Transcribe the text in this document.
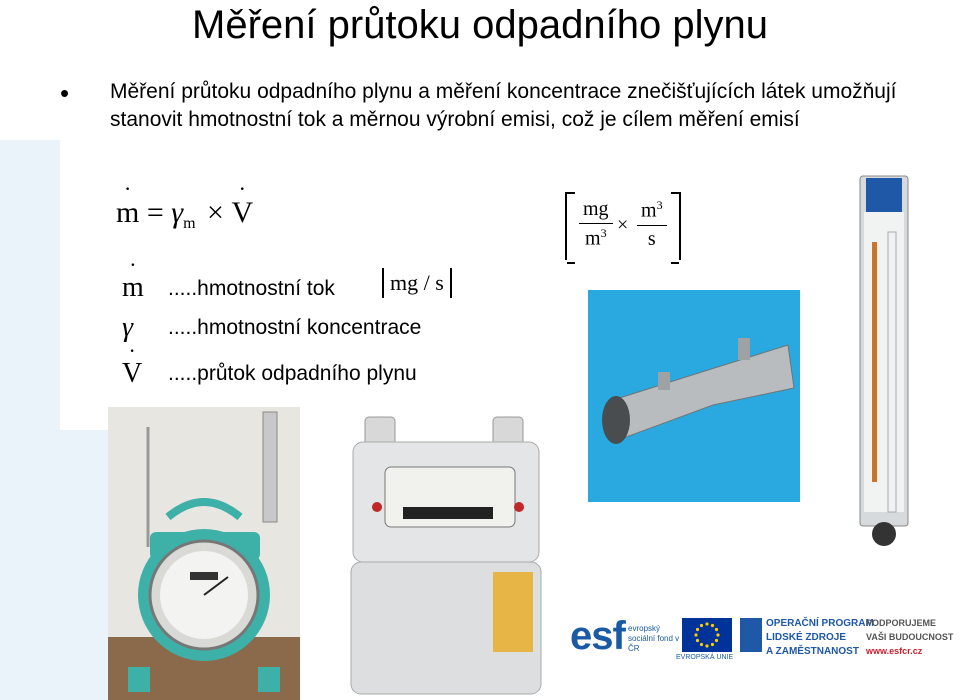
Měření průtoku odpadního plynu
• Měření průtoku odpadního plynu a měření koncentrace znečišťujících látek umožňují stanovit hmotnostní tok a měrnou výrobní emisi, což je cílem měření emisí
. $m = \gamma_m$ × . V	$\frac{mg}{m^3} \times \frac{m^3}{s}$
. m .....hmotnostní tok	mg / s
γ .....hmotnostní koncentrace
. V .....průtok odpadního plynu
esf evropský sociální fond v ČR
EVROPSKÁ UNIE
OPERAČNÍ PROGRAM
LIDSKÉ ZDROJE
A ZAMĚSTNANOST
PODPORUJEME
VAŠI BUDOUCNOST
www.esfcr.cz
